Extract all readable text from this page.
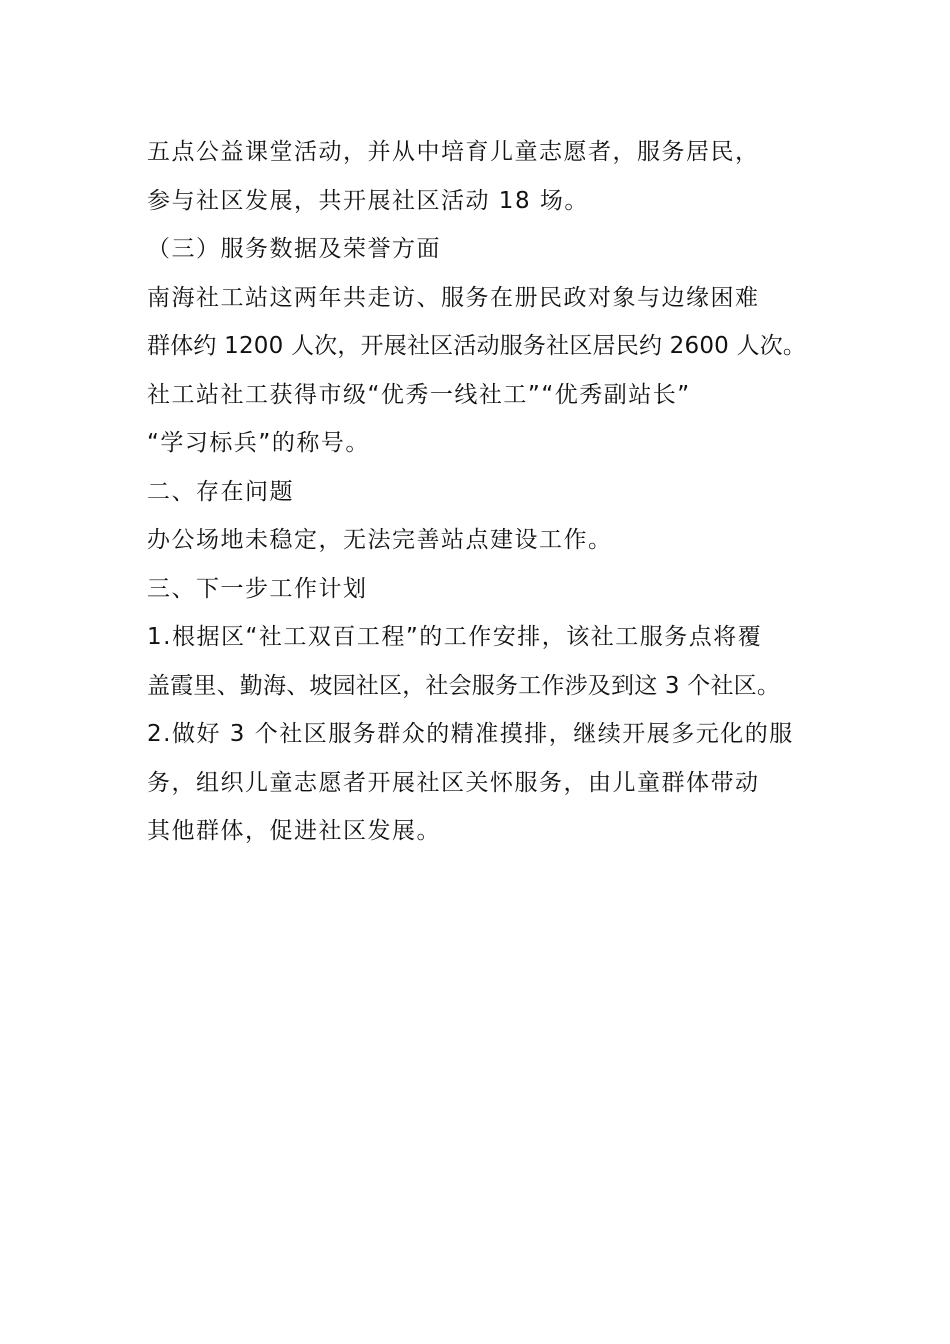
五点公益课堂活动，并从中培育儿童志愿者，服务居民，
参与社区发展，共开展社区活动 18 场。
（三）服务数据及荣誉方面
南海社工站这两年共走访、服务在册民政对象与边缘困难
群体约 1200 人次，开展社区活动服务社区居民约 2600 人次。
社工站社工获得市级“优秀一线社工”“优秀副站长”
“学习标兵”的称号。
二、存在问题
办公场地未稳定，无法完善站点建设工作。
三、下一步工作计划
1.根据区“社工双百工程”的工作安排，该社工服务点将覆
盖霞里、勤海、坡园社区，社会服务工作涉及到这 3 个社区。
2.做好 3 个社区服务群众的精准摸排，继续开展多元化的服
务，组织儿童志愿者开展社区关怀服务，由儿童群体带动
其他群体，促进社区发展。
